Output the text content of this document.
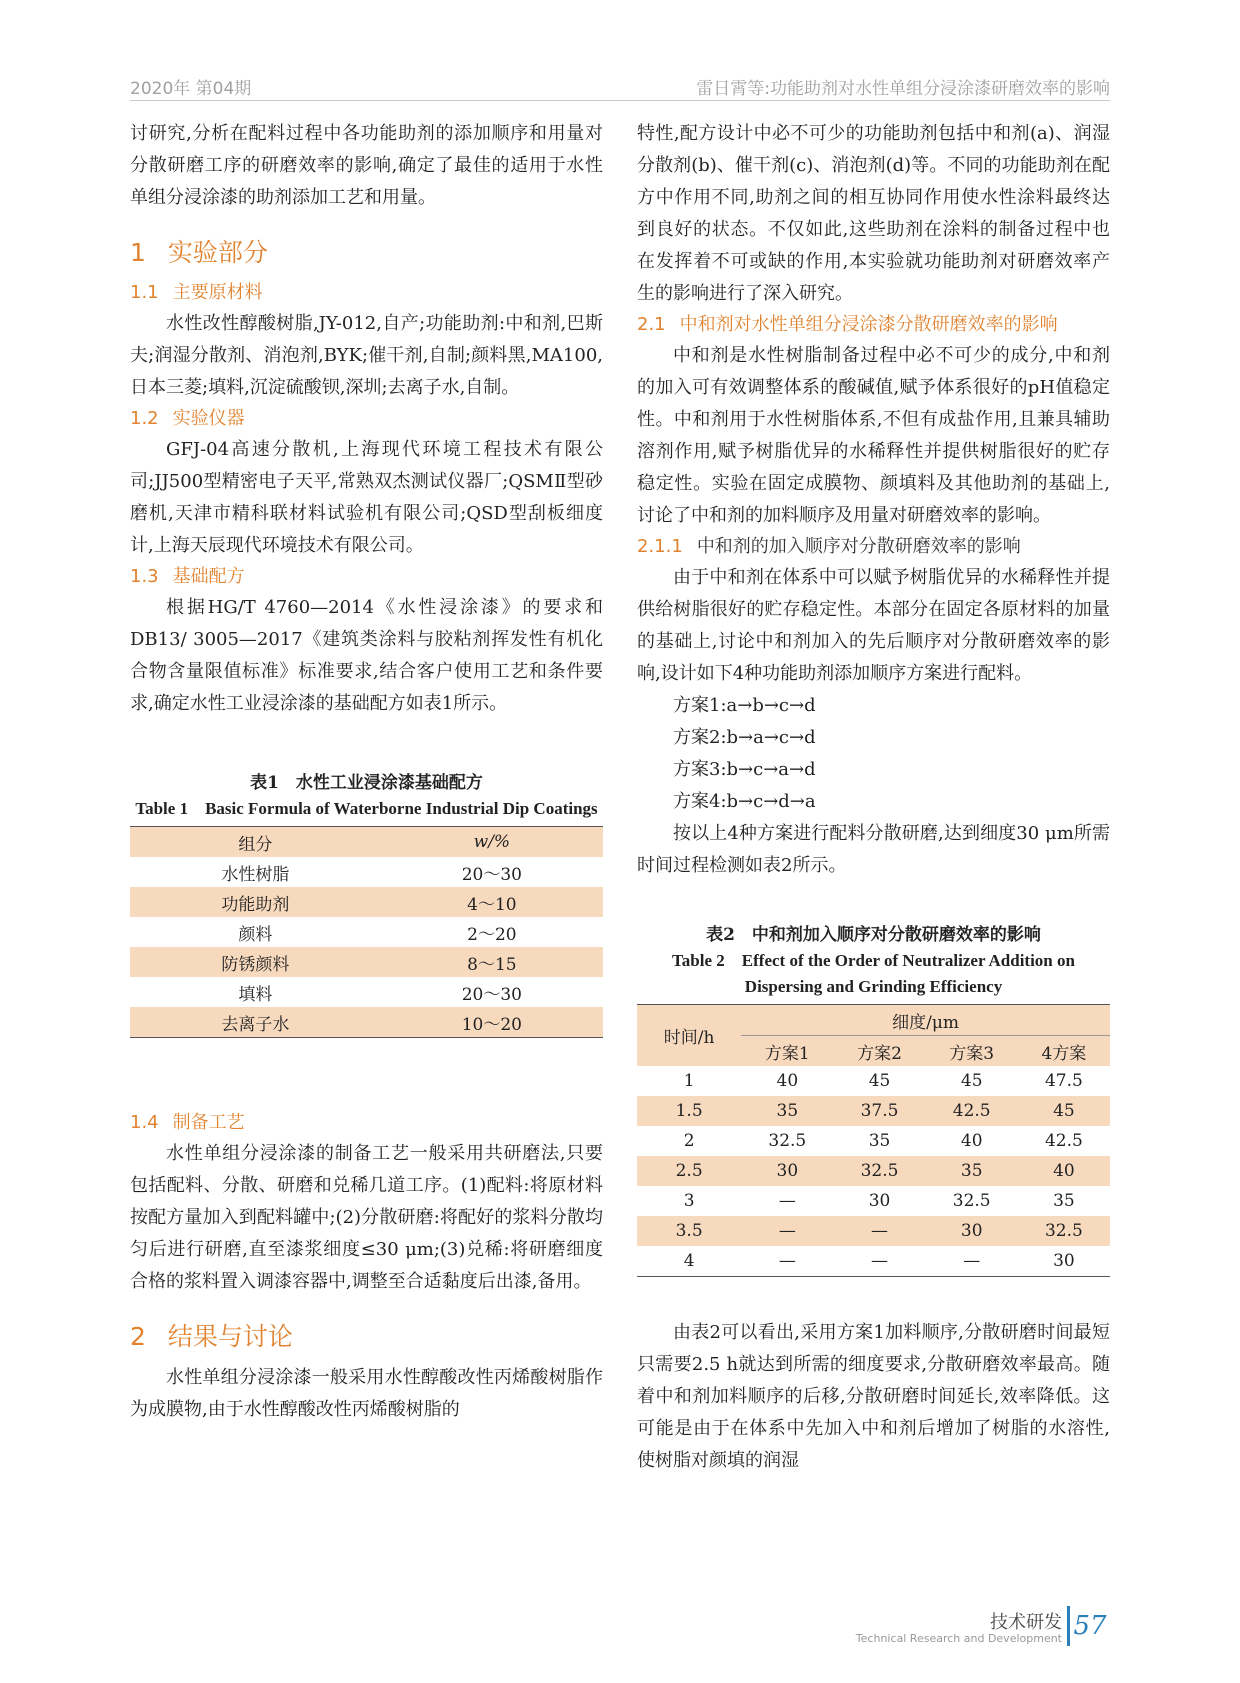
2020年 第04期	雷日霄等:功能助剂对水性单组分浸涂漆研磨效率的影响

讨研究,分析在配料过程中各功能助剂的添加顺序和用量对分散研磨工序的研磨效率的影响,确定了最佳的适用于水性单组分浸涂漆的助剂添加工艺和用量。

1 实验部分
1.1 主要原材料

水性改性醇酸树脂,JY-012,自产;功能助剂:中和剂,巴斯夫;润湿分散剂、消泡剂,BYK;催干剂,自制;颜料黑,MA100,日本三菱;填料,沉淀硫酸钡,深圳;去离子水,自制。

1.2 实验仪器

GFJ-04高速分散机,上海现代环境工程技术有限公司;JJ500型精密电子天平,常熟双杰测试仪器厂;QSMⅡ型砂磨机,天津市精科联材料试验机有限公司;QSD型刮板细度计,上海天辰现代环境技术有限公司。

1.3 基础配方

根据HG/T 4760—2014《水性浸涂漆》的要求和DB13/ 3005—2017《建筑类涂料与胶粘剂挥发性有机化合物含量限值标准》标准要求,结合客户使用工艺和条件要求,确定水性工业浸涂漆的基础配方如表1所示。

表1　水性工业浸涂漆基础配方
Table 1　Basic Formula of Waterborne Industrial Dip Coatings
组分	w/%
水性树脂	20～30
功能助剂	4～10
颜料	2～20
防锈颜料	8～15
填料	20～30
去离子水	10～20
1.4 制备工艺

水性单组分浸涂漆的制备工艺一般采用共研磨法,只要包括配料、分散、研磨和兑稀几道工序。(1)配料:将原材料按配方量加入到配料罐中;(2)分散研磨:将配好的浆料分散均匀后进行研磨,直至漆浆细度≤30 μm;(3)兑稀:将研磨细度合格的浆料置入调漆容器中,调整至合适黏度后出漆,备用。

2 结果与讨论

水性单组分浸涂漆一般采用水性醇酸改性丙烯酸树脂作为成膜物,由于水性醇酸改性丙烯酸树脂的

特性,配方设计中必不可少的功能助剂包括中和剂(a)、润湿分散剂(b)、催干剂(c)、消泡剂(d)等。不同的功能助剂在配方中作用不同,助剂之间的相互协同作用使水性涂料最终达到良好的状态。不仅如此,这些助剂在涂料的制备过程中也在发挥着不可或缺的作用,本实验就功能助剂对研磨效率产生的影响进行了深入研究。

2.1 中和剂对水性单组分浸涂漆分散研磨效率的影响

中和剂是水性树脂制备过程中必不可少的成分,中和剂的加入可有效调整体系的酸碱值,赋予体系很好的pH值稳定性。中和剂用于水性树脂体系,不但有成盐作用,且兼具辅助溶剂作用,赋予树脂优异的水稀释性并提供树脂很好的贮存稳定性。实验在固定成膜物、颜填料及其他助剂的基础上,讨论了中和剂的加料顺序及用量对研磨效率的影响。

2.1.1 中和剂的加入顺序对分散研磨效率的影响

由于中和剂在体系中可以赋予树脂优异的水稀释性并提供给树脂很好的贮存稳定性。本部分在固定各原材料的加量的基础上,讨论中和剂加入的先后顺序对分散研磨效率的影响,设计如下4种功能助剂添加顺序方案进行配料。

方案1:a→b→c→d

方案2:b→a→c→d

方案3:b→c→a→d

方案4:b→c→d→a

按以上4种方案进行配料分散研磨,达到细度30 μm所需时间过程检测如表2所示。

表2　中和剂加入顺序对分散研磨效率的影响
Table 2　Effect of the Order of Neutralizer Addition on Dispersing and Grinding Efficiency
时间/h	细度/μm			
	方案1	方案2	方案3	4方案
1	40	45	45	47.5
1.5	35	37.5	42.5	45
2	32.5	35	40	42.5
2.5	30	32.5	35	40
3	—	30	32.5	35
3.5	—	—	30	32.5
4	—	—	—	30

由表2可以看出,采用方案1加料顺序,分散研磨时间最短只需要2.5 h就达到所需的细度要求,分散研磨效率最高。随着中和剂加料顺序的后移,分散研磨时间延长,效率降低。这可能是由于在体系中先加入中和剂后增加了树脂的水溶性,使树脂对颜填的润湿

技术研发
Technical Research and Development 57
